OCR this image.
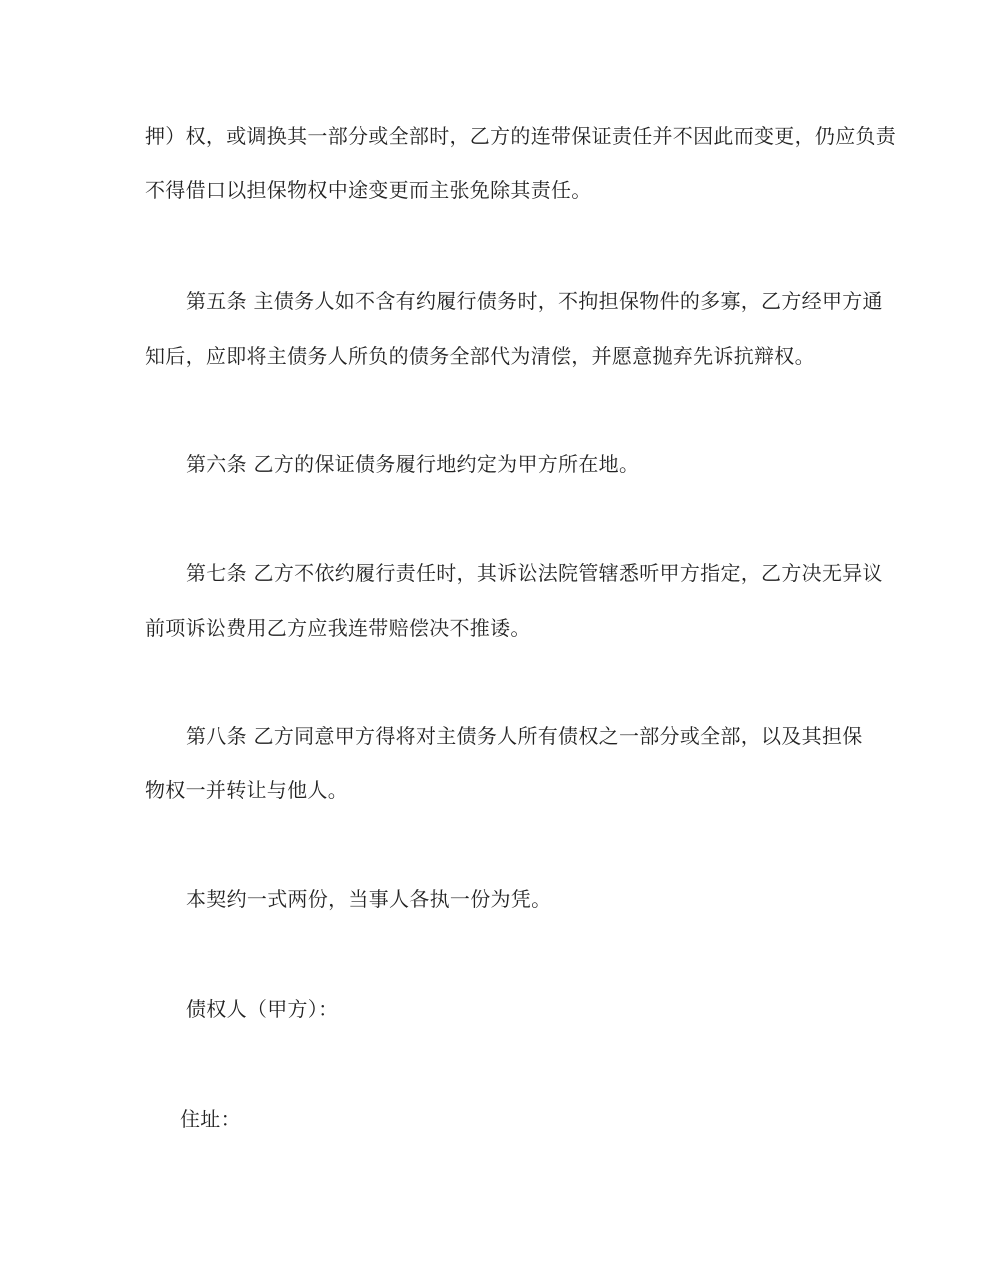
押）权，或调换其一部分或全部时，乙方的连带保证责任并不因此而变更，仍应负责
不得借口以担保物权中途变更而主张免除其责任。
第五条 主债务人如不含有约履行债务时，不拘担保物件的多寡，乙方经甲方通
知后，应即将主债务人所负的债务全部代为清偿，并愿意抛弃先诉抗辩权。
第六条 乙方的保证债务履行地约定为甲方所在地。
第七条 乙方不依约履行责任时，其诉讼法院管辖悉听甲方指定，乙方决无异议
前项诉讼费用乙方应我连带赔偿决不推诿。
第八条 乙方同意甲方得将对主债务人所有债权之一部分或全部，以及其担保
物权一并转让与他人。
本契约一式两份，当事人各执一份为凭。
债权人（甲方）：
住址：
